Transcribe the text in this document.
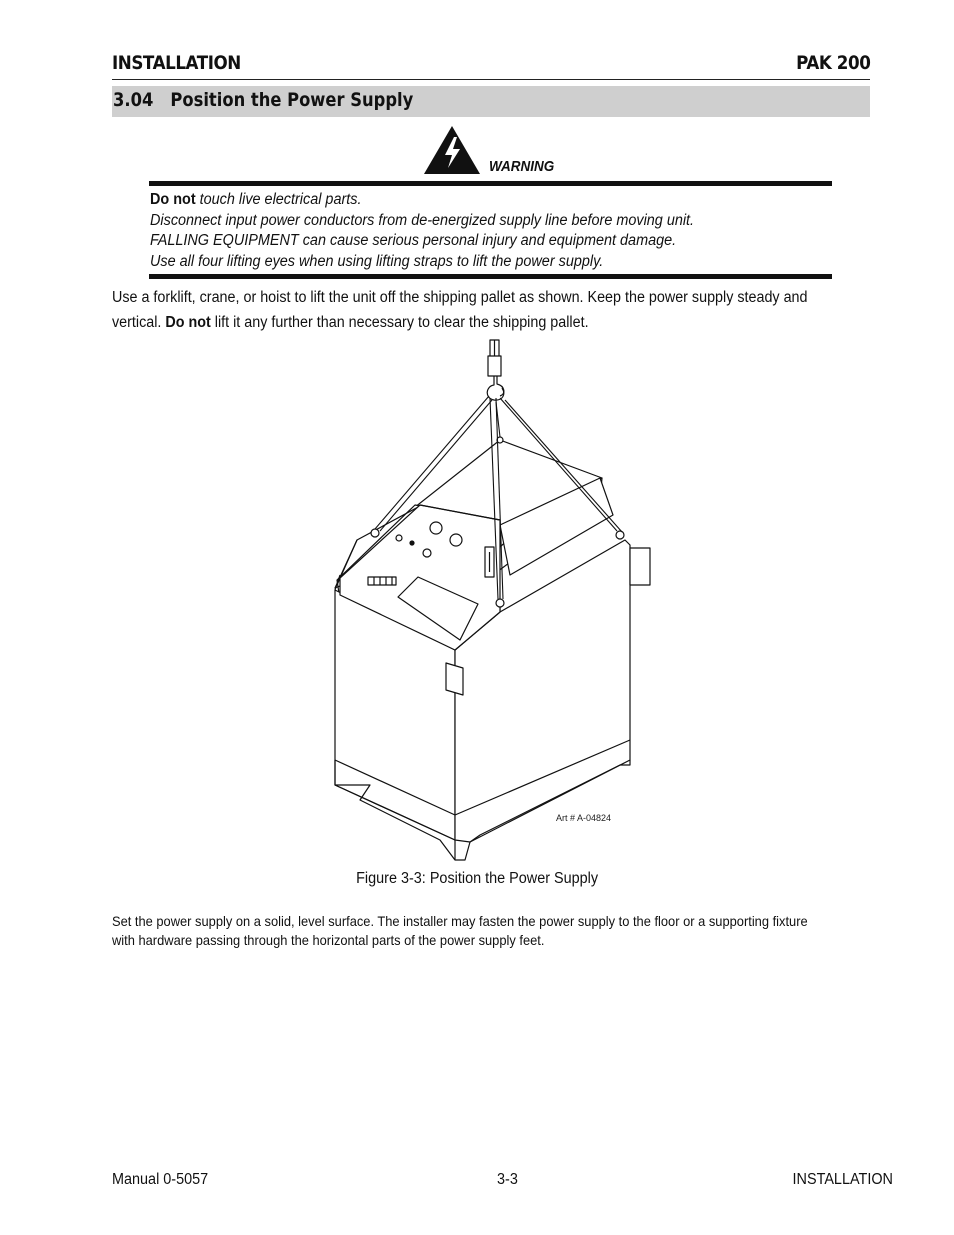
INSTALLATION	PAK 200
3.04 Position the Power Supply
WARNING
Do not touch live electrical parts.
Disconnect input power conductors from de-energized supply line before moving unit.
FALLING EQUIPMENT can cause serious personal injury and equipment damage.
Use all four lifting eyes when using lifting straps to lift the power supply.
Use a forklift, crane, or hoist to lift the unit off the shipping pallet as shown. Keep the power supply steady and
vertical. Do not lift it any further than necessary to clear the shipping pallet.
Art # A-04824
Figure 3-3: Position the Power Supply
Set the power supply on a solid, level surface. The installer may fasten the power supply to the floor or a supporting fixture
with hardware passing through the horizontal parts of the power supply feet.
Manual 0-5057	3-3	INSTALLATION
